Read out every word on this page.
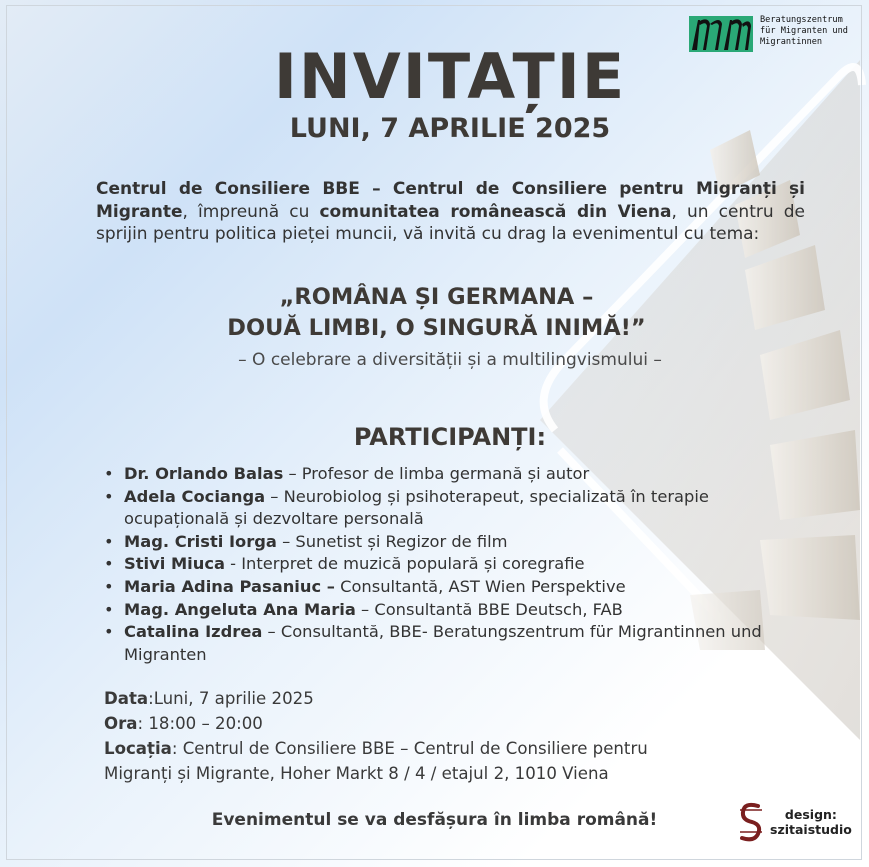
Beratungszentrum
für Migranten und
Migrantinnen
INVITAȚIE
LUNI, 7 APRILIE 2025

Centrul de Consiliere BBE – Centrul de Consiliere pentru Migranți și Migrante, împreună cu comunitatea românească din Viena, un centru de sprijin pentru politica pieței muncii, vă invită cu drag la evenimentul cu tema:

„ROMÂNA ȘI GERMANA –
DOUĂ LIMBI, O SINGURĂ INIMĂ!”

– O celebrare a diversității și a multilingvismului –

PARTICIPANȚI:
• Dr. Orlando Balas – Profesor de limba germană și autor
• Adela Cocianga – Neurobiolog și psihoterapeut, specializată în terapie ocupațională și dezvoltare personală
• Mag. Cristi Iorga – Sunetist și Regizor de film
• Stivi Miuca - Interpret de muzică populară și coregrafie
• Maria Adina Pasaniuc – Consultantă, AST Wien Perspektive
• Mag. Angeluta Ana Maria – Consultantă BBE Deutsch, FAB
• Catalina Izdrea – Consultantă, BBE- Beratungszentrum für Migrantinnen und Migranten

Data:Luni, 7 aprilie 2025

Ora: 18:00 – 20:00

Locația: Centrul de Consiliere BBE – Centrul de Consiliere pentru

Migranți și Migrante, Hoher Markt 8 / 4 / etajul 2, 1010 Viena

Evenimentul se va desfășura în limba română!	design:
szitaistudio
